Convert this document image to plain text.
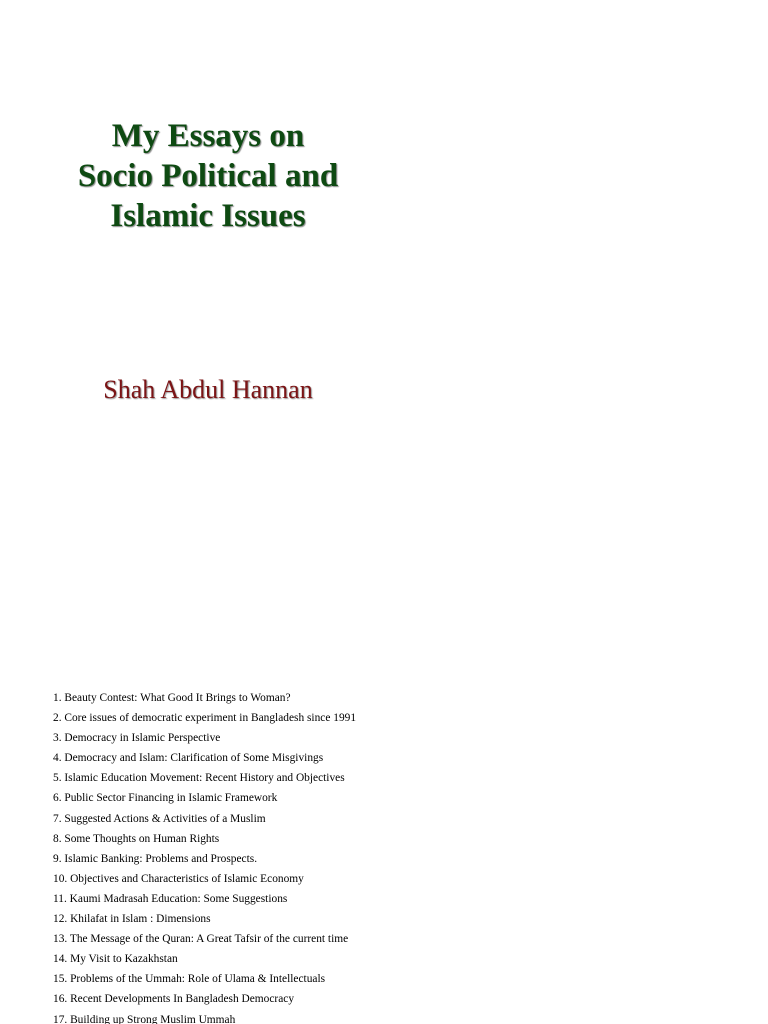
My Essays on
Socio Political and
Islamic Issues
Shah Abdul Hannan
1. Beauty Contest: What Good It Brings to Woman?
2. Core issues of democratic experiment in Bangladesh since 1991
3. Democracy in Islamic Perspective
4. Democracy and Islam: Clarification of Some Misgivings
5. Islamic Education Movement: Recent History and Objectives
6. Public Sector Financing in Islamic Framework
7. Suggested Actions & Activities of a Muslim
8. Some Thoughts on Human Rights
9. Islamic Banking: Problems and Prospects.
10. Objectives and Characteristics of Islamic Economy
11. Kaumi Madrasah Education: Some Suggestions
12. Khilafat in Islam : Dimensions
13. The Message of the Quran: A Great Tafsir of the current time
14. My Visit to Kazakhstan
15. Problems of the Ummah: Role of Ulama & Intellectuals
16. Recent Developments In Bangladesh Democracy
17. Building up Strong Muslim Ummah
